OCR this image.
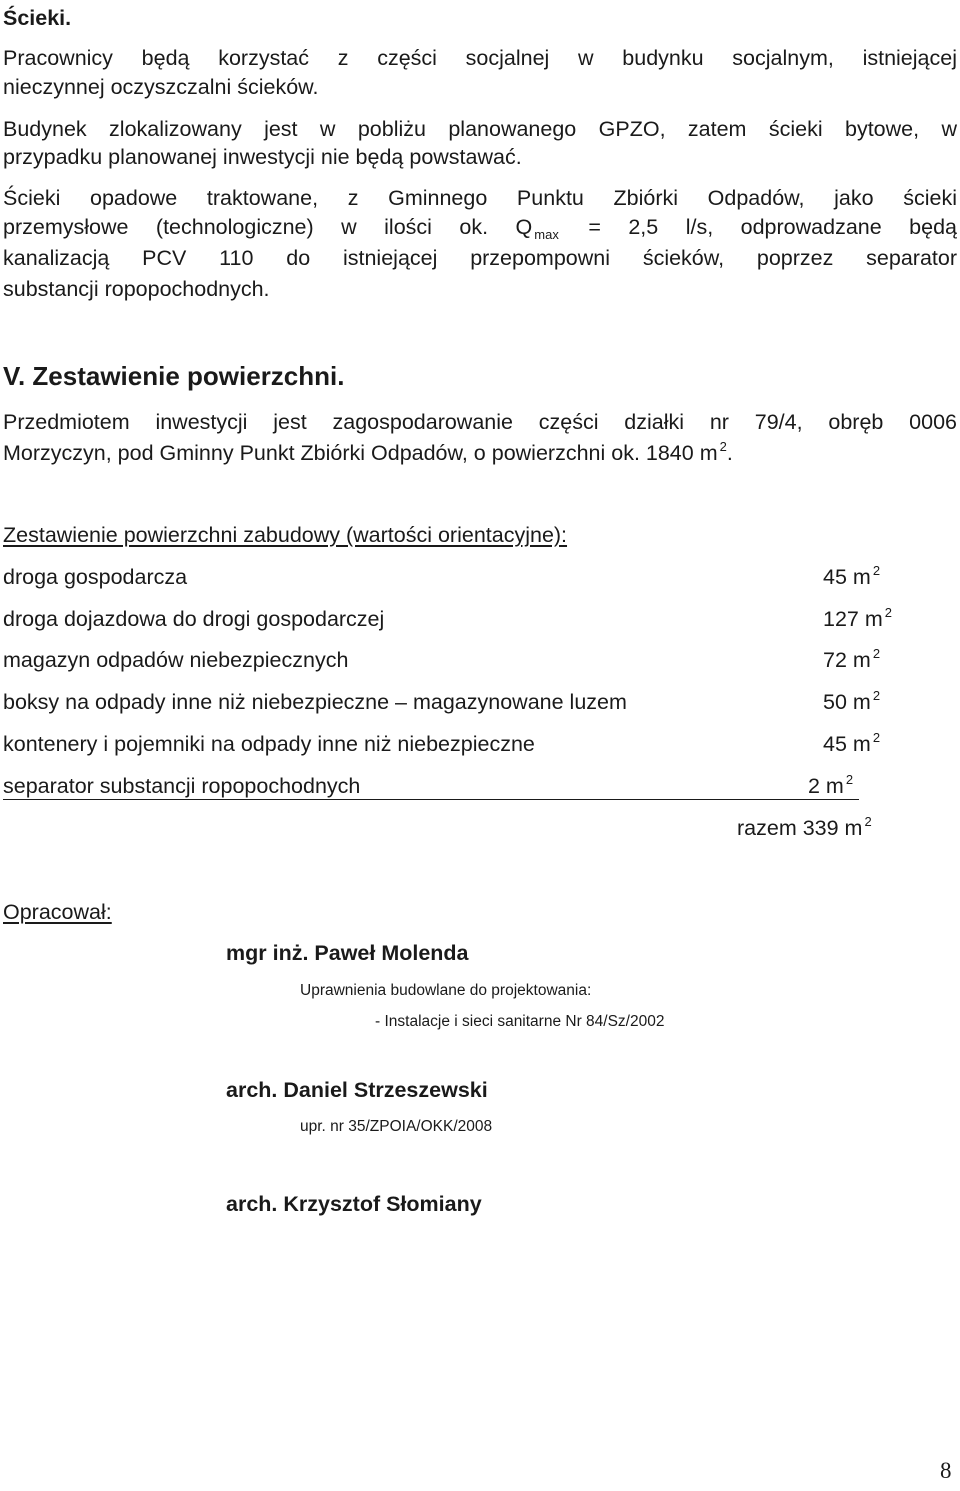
Ścieki.
Pracownicy będą korzystać z części socjalnej w budynku socjalnym, istniejącej
nieczynnej oczyszczalni ścieków.
Budynek zlokalizowany jest w pobliżu planowanego GPZO, zatem ścieki bytowe, w
przypadku planowanej inwestycji nie będą powstawać.
Ścieki opadowe traktowane, z Gminnego Punktu Zbiórki Odpadów, jako ścieki
przemysłowe (technologiczne) w ilości ok. Q $_{max}$ = 2,5 l/s, odprowadzane będą
kanalizacją PCV 110 do istniejącej przepompowni ścieków, poprzez separator
substancji ropopochodnych.
V. Zestawienie powierzchni.
Przedmiotem inwestycji jest zagospodarowanie części działki nr 79/4, obręb 0006
Morzyczyn, pod Gminny Punkt Zbiórki Odpadów, o powierzchni ok. 1840 m $^2$.
Zestawienie powierzchni zabudowy (wartości orientacyjne):
droga gospodarcza	45 m $^2$
droga dojazdowa do drogi gospodarczej	127 m $^2$
magazyn odpadów niebezpiecznych	72 m $^2$
boksy na odpady inne niż niebezpieczne – magazynowane luzem	50 m $^2$
kontenery i pojemniki na odpady inne niż niebezpieczne	45 m $^2$
separator substancji ropopochodnych	2 m $^2$
razem 339 m $^2$
Opracował:
mgr inż. Paweł Molenda
Uprawnienia budowlane do projektowania:
- Instalacje i sieci sanitarne Nr 84/Sz/2002
arch. Daniel Strzeszewski
upr. nr 35/ZPOIA/OKK/2008
arch. Krzysztof Słomiany
8
